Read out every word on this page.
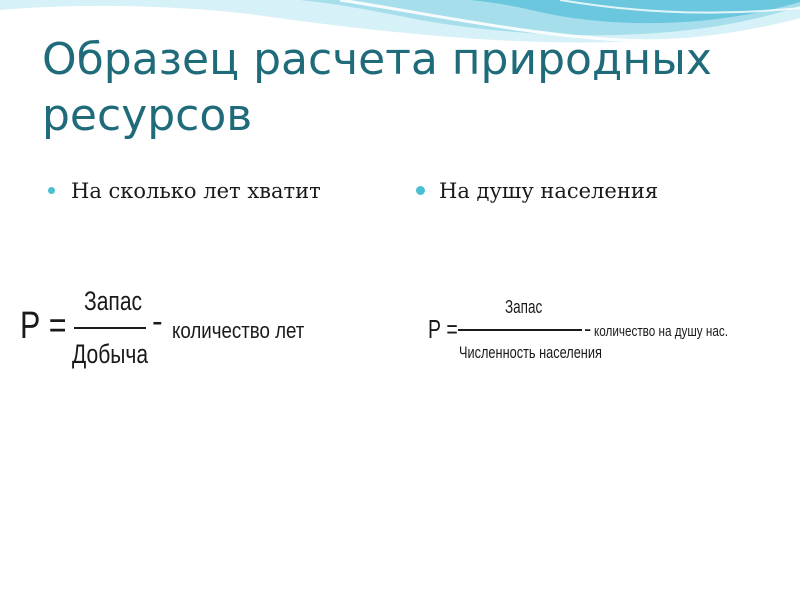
Образец расчета природных ресурсов
На сколько лет хватит	На душу населения
Р =
Запас
Добыча
- количество лет	Р =
Запас
Численность населения
- количество на душу нас.
